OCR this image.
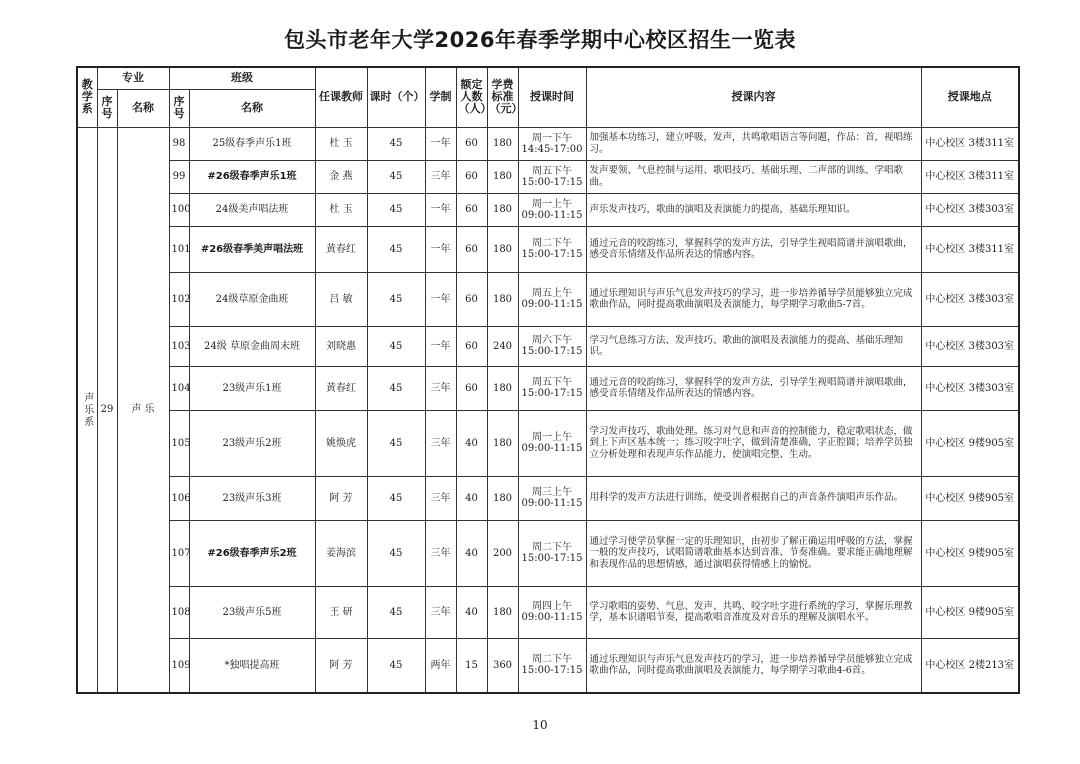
包头市老年大学2026年春季学期中心校区招生一览表
教学系	专业		班级		任课教师	课时（个）	学制	额定人数（人）	学费标准（元）	授课时间	授课内容	授课地点
	序号	名称	序号	名称								

声乐系	29	声 乐	98	25级春季声乐1班	杜 玉	45	一年	60	180	周一下午 14:45-17:00	加强基本功练习，建立呼吸，发声，共鸣歌唱语言等问题，作品：首，视唱练习。	中心校区 3楼311室
			99	#26级春季声乐1班	金 燕	45	三年	60	180	周五下午 15:00-17:15	发声要领、气息控制与运用、歌唱技巧、基础乐理、二声部的训练、学唱歌曲。	中心校区 3楼311室
			100	24级美声唱法班	杜 玉	45	一年	60	180	周一上午 09:00-11:15	声乐发声技巧，歌曲的演唱及表演能力的提高，基础乐理知识。	中心校区 3楼303室
			101	#26级春季美声唱法班	黄春红	45	一年	60	180	周二下午 15:00-17:15	通过元音的咬韵练习，掌握科学的发声方法，引导学生视唱简谱并演唱歌曲，感受音乐情绪及作品所表达的情感内容。	中心校区 3楼311室
			102	24级草原金曲班	吕 敏	45	一年	60	180	周五上午 09:00-11:15	通过乐理知识与声乐气息发声技巧的学习，进一步培养循导学员能够独立完成歌曲作品，同时提高歌曲演唱及表演能力，每学期学习歌曲5-7首。	中心校区 3楼303室
			103	24级 草原金曲周末班	刘晓惠	45	一年	60	240	周六下午 15:00-17:15	学习气息练习方法、发声技巧、歌曲的演唱及表演能力的提高、基础乐理知识。	中心校区 3楼303室
			104	23级声乐1班	黄春红	45	三年	60	180	周五下午 15:00-17:15	通过元音的咬韵练习，掌握科学的发声方法，引导学生视唱简谱并演唱歌曲，感受音乐情绪及作品所表达的情感内容。	中心校区 3楼303室
			105	23级声乐2班	姚焕虎	45	三年	40	180	周一上午 09:00-11:15	学习发声技巧、歌曲处理。练习对气息和声音的控制能力，稳定歌唱状态，做到上下声区基本统一；练习咬字吐字，做到清楚准确，字正腔圆；培养学员独立分析处理和表现声乐作品能力，使演唱完整、生动。	中心校区 9楼905室
			106	23级声乐3班	阿 芳	45	三年	40	180	周三上午 09:00-11:15	用科学的发声方法进行训练，使受训者根据自己的声音条件演唱声乐作品。	中心校区 9楼905室
			107	#26级春季声乐2班	姜海滨	45	三年	40	200	周二下午 15:00-17:15	通过学习使学员掌握一定的乐理知识，由初步了解正确运用呼吸的方法，掌握一般的发声技巧，试唱简谱歌曲基本达到音准、节奏准确。要求能正确地理解和表现作品的思想情感，通过演唱获得情感上的愉悦。	中心校区 9楼905室
			108	23级声乐5班	王 研	45	三年	40	180	周四上午 09:00-11:15	学习歌唱的姿势、气息、发声、共鸣、咬字吐字进行系统的学习，掌握乐理教学，基本识谱唱节奏，提高歌唱音准度及对音乐的理解及演唱水平。	中心校区 9楼905室
			109	*独唱提高班	阿 芳	45	两年	15	360	周二下午 15:00-17:15	通过乐理知识与声乐气息发声技巧的学习，进一步培养循导学员能够独立完成歌曲作品，同时提高歌曲演唱及表演能力，每学期学习歌曲4-6首。	中心校区 2楼213室
10
